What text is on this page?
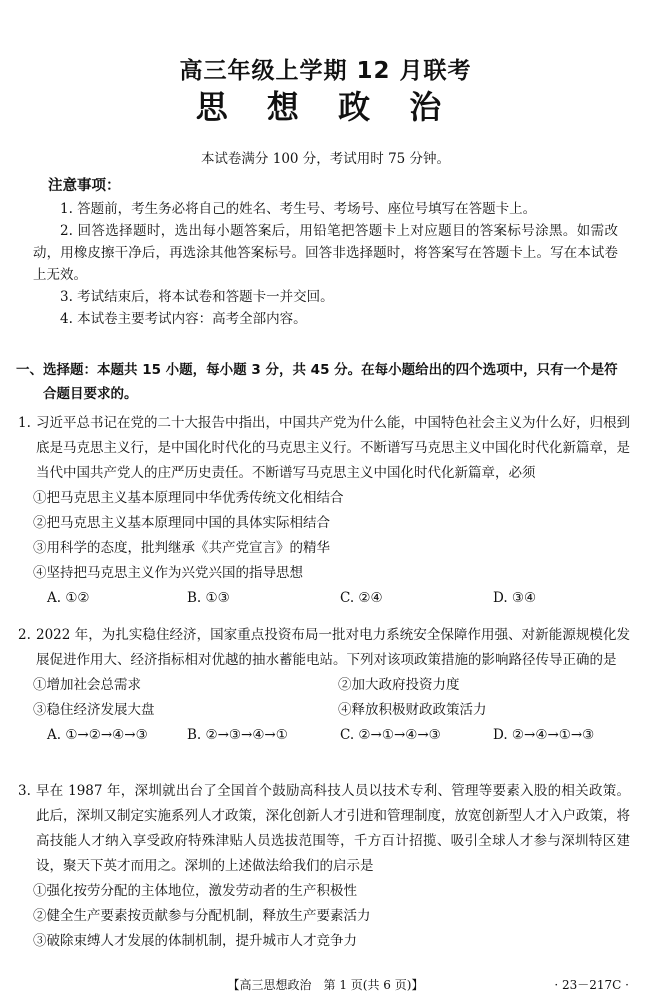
高三年级上学期 12 月联考
思 想 政 治
本试卷满分 100 分，考试用时 75 分钟。
注意事项：

1. 答题前，考生务必将自己的姓名、考生号、考场号、座位号填写在答题卡上。

2. 回答选择题时，选出每小题答案后，用铅笔把答题卡上对应题目的答案标号涂黑。如需改动，用橡皮擦干净后，再选涂其他答案标号。回答非选择题时，将答案写在答题卡上。写在本试卷上无效。

3. 考试结束后，将本试卷和答题卡一并交回。

4. 本试卷主要考试内容：高考全部内容。

一、选择题：本题共 15 小题，每小题 3 分，共 45 分。在每小题给出的四个选项中，只有一个是符

合题目要求的。

1. 习近平总书记在党的二十大报告中指出，中国共产党为什么能，中国特色社会主义为什么好，归根到底是马克思主义行，是中国化时代化的马克思主义行。不断谱写马克思主义中国化时代化新篇章，是当代中国共产党人的庄严历史责任。不断谱写马克思主义中国化时代化新篇章，必须

①把马克思主义基本原理同中华优秀传统文化相结合

②把马克思主义基本原理同中国的具体实际相结合

③用科学的态度，批判继承《共产党宣言》的精华

④坚持把马克思主义作为兴党兴国的指导思想

A. ①②	B. ①③	C. ②④	D. ③④
2. 2022 年，为扎实稳住经济，国家重点投资布局一批对电力系统安全保障作用强、对新能源规模化发展促进作用大、经济指标相对优越的抽水蓄能电站。下列对该项政策措施的影响路径传导正确的是
①增加社会总需求	②加大政府投资力度
③稳住经济发展大盘	④释放积极财政政策活力
A. ①→②→④→③	B. ②→③→④→①	C. ②→①→④→③	D. ②→④→①→③
3. 早在 1987 年，深圳就出台了全国首个鼓励高科技人员以技术专利、管理等要素入股的相关政策。此后，深圳又制定实施系列人才政策，深化创新人才引进和管理制度，放宽创新型人才入户政策，将高技能人才纳入享受政府特殊津贴人员选拔范围等，千方百计招揽、吸引全球人才参与深圳特区建设，聚天下英才而用之。深圳的上述做法给我们的启示是

①强化按劳分配的主体地位，激发劳动者的生产积极性

②健全生产要素按贡献参与分配机制，释放生产要素活力

③破除束缚人才发展的体制机制，提升城市人才竞争力

【高三思想政治　第 1 页(共 6 页)】	· 23－217C ·
